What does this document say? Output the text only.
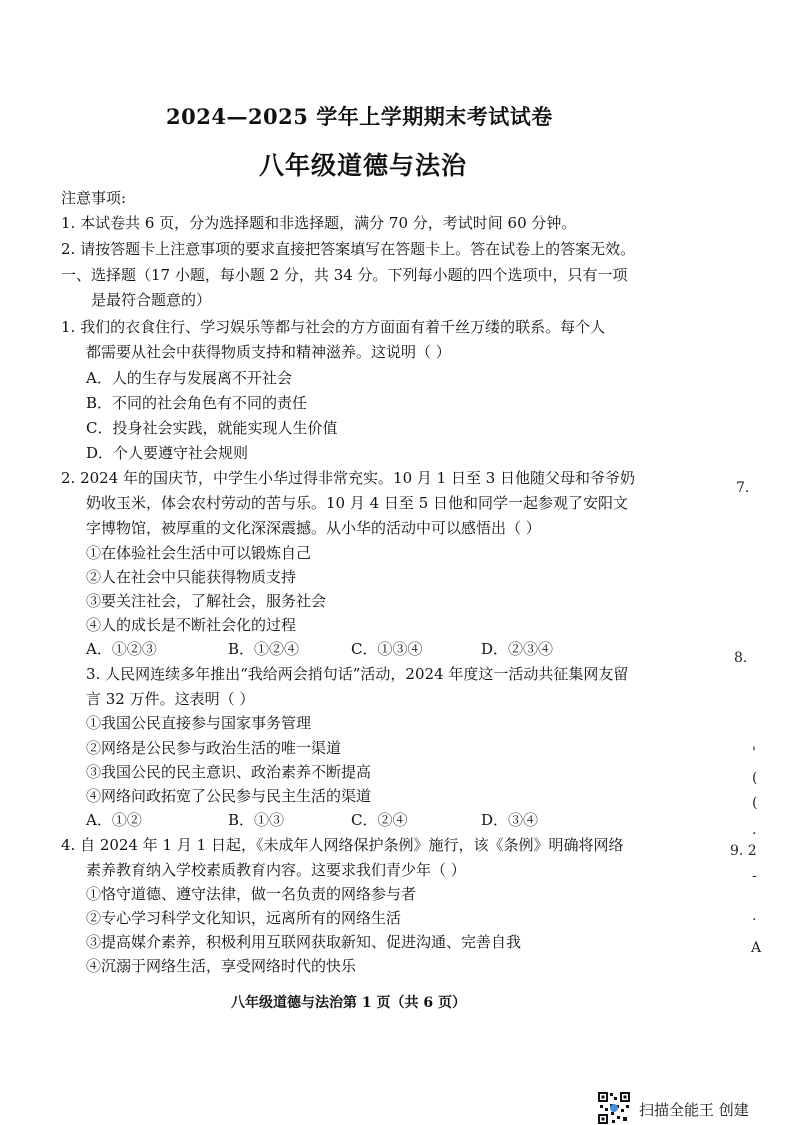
2024—2025 学年上学期期末考试试卷
八年级道德与法治
注意事项:
1. 本试卷共 6 页，分为选择题和非选择题，满分 70 分，考试时间 60 分钟。
2. 请按答题卡上注意事项的要求直接把答案填写在答题卡上。答在试卷上的答案无效。
一、选择题（17 小题，每小题 2 分，共 34 分。下列每小题的四个选项中，只有一项
是最符合题意的）
1. 我们的衣食住行、学习娱乐等都与社会的方方面面有着千丝万缕的联系。每个人
都需要从社会中获得物质支持和精神滋养。这说明（ ）
A．人的生存与发展离不开社会
B．不同的社会角色有不同的责任
C．投身社会实践，就能实现人生价值
D．个人要遵守社会规则
2. 2024 年的国庆节，中学生小华过得非常充实。10 月 1 日至 3 日他随父母和爷爷奶
奶收玉米，体会农村劳动的苦与乐。10 月 4 日至 5 日他和同学一起参观了安阳文
字博物馆，被厚重的文化深深震撼。从小华的活动中可以感悟出（ ）
①在体验社会生活中可以锻炼自己
②人在社会中只能获得物质支持
③要关注社会，了解社会，服务社会
④人的成长是不断社会化的过程
A．①②③	B．①②④	C．①③④	D．②③④
3. 人民网连续多年推出“我给两会捎句话”活动，2024 年度这一活动共征集网友留
言 32 万件。这表明（ ）
①我国公民直接参与国家事务管理
②网络是公民参与政治生活的唯一渠道
③我国公民的民主意识、政治素养不断提高
④网络问政拓宽了公民参与民主生活的渠道
A．①②	B．①③	C．②④	D．③④
4. 自 2024 年 1 月 1 日起，《未成年人网络保护条例》施行，该《条例》明确将网络
素养教育纳入学校素质教育内容。这要求我们青少年（ ）
①恪守道德、遵守法律，做一名负责的网络参与者
②专心学习科学文化知识，远离所有的网络生活
③提高媒介素养，积极利用互联网获取新知、促进沟通、完善自我
④沉溺于网络生活，享受网络时代的快乐
八年级道德与法治第 1 页（共 6 页）
7.
8.
9. 2
A
'
(
(
.
-
·
扫描全能王 创建
